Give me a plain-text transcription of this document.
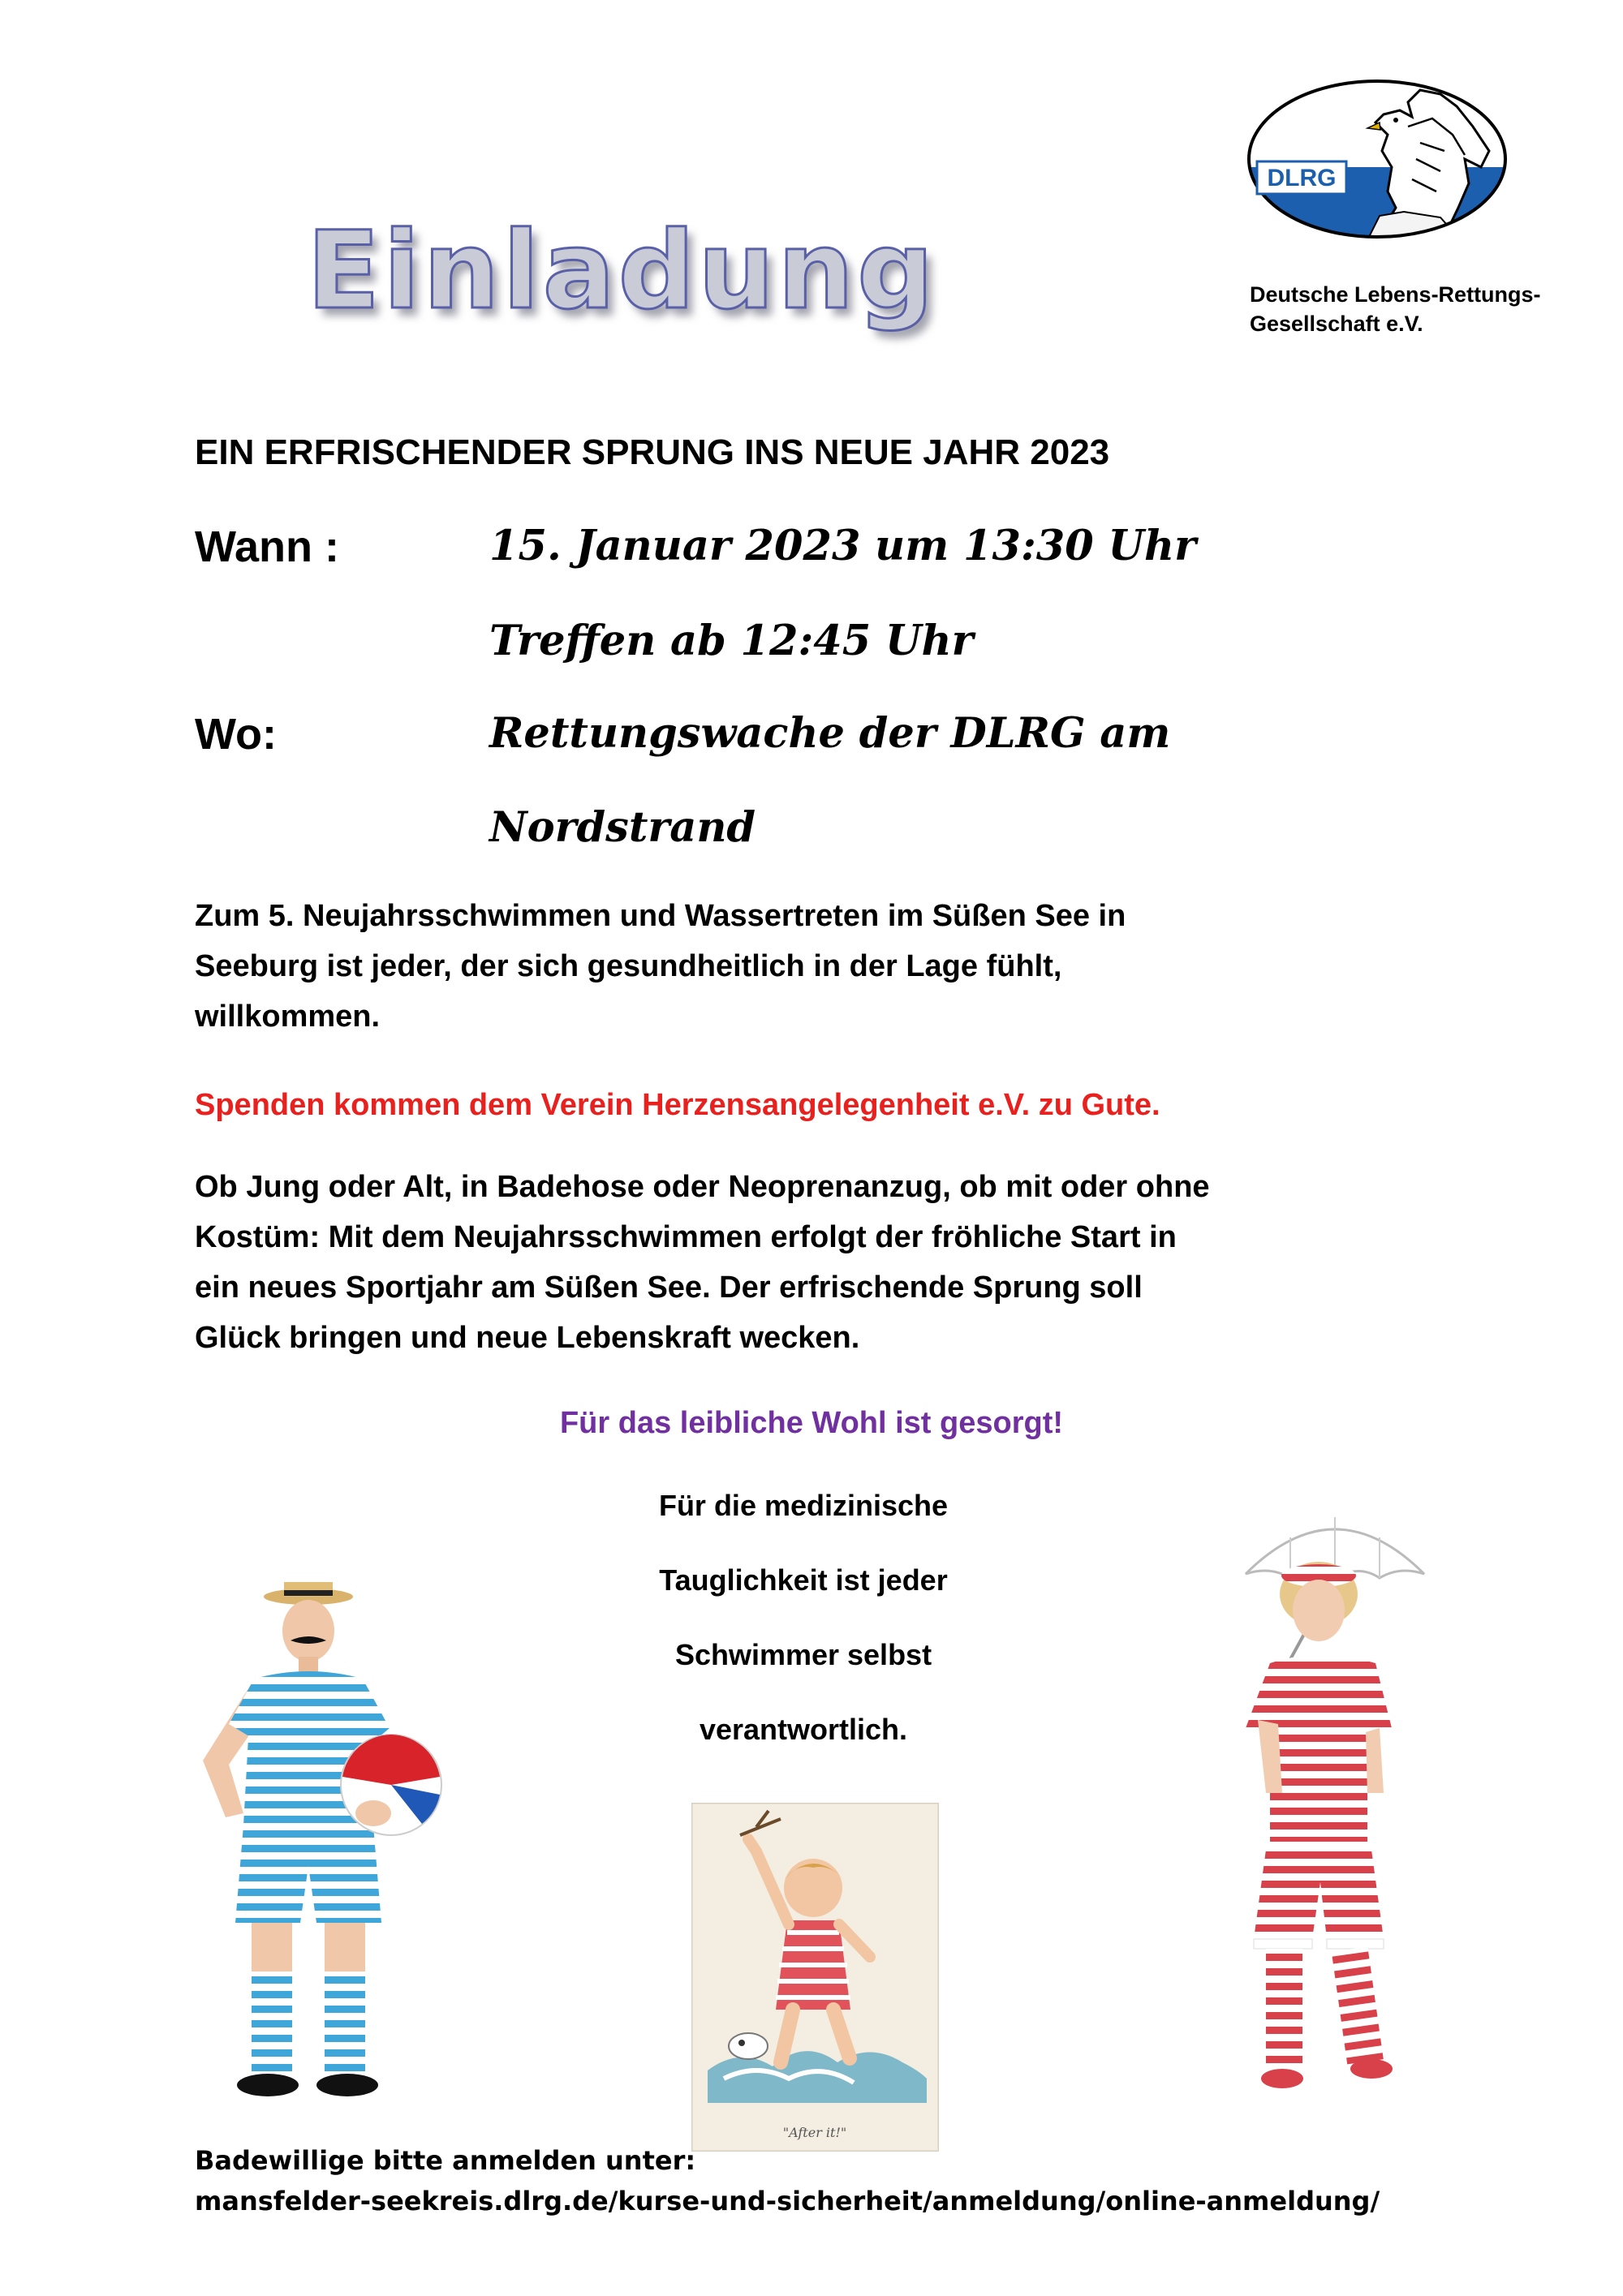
Einladung
DLRG
Deutsche Lebens-Rettungs-
Gesellschaft e.V.
EIN ERFRISCHENDER SPRUNG INS NEUE JAHR 2023
Wann :	15. Januar 2023 um 13:30 Uhr
Treffen ab 12:45 Uhr
Wo:	Rettungswache der DLRG am
Nordstrand
Zum 5. Neujahrsschwimmen und Wassertreten im Süßen See in
Seeburg ist jeder, der sich gesundheitlich in der Lage fühlt,
willkommen.
Spenden kommen dem Verein Herzensangelegenheit e.V. zu Gute.
Ob Jung oder Alt, in Badehose oder Neoprenanzug, ob mit oder ohne
Kostüm: Mit dem Neujahrsschwimmen erfolgt der fröhliche Start in
ein neues Sportjahr am Süßen See. Der erfrischende Sprung soll
Glück bringen und neue Lebenskraft wecken.
Für das leibliche Wohl ist gesorgt!
Für die medizinische
Tauglichkeit ist jeder
Schwimmer selbst
verantwortlich.
"After it!"
Badewillige bitte anmelden unter:
mansfelder-seekreis.dlrg.de/kurse-und-sicherheit/anmeldung/online-anmeldung/
